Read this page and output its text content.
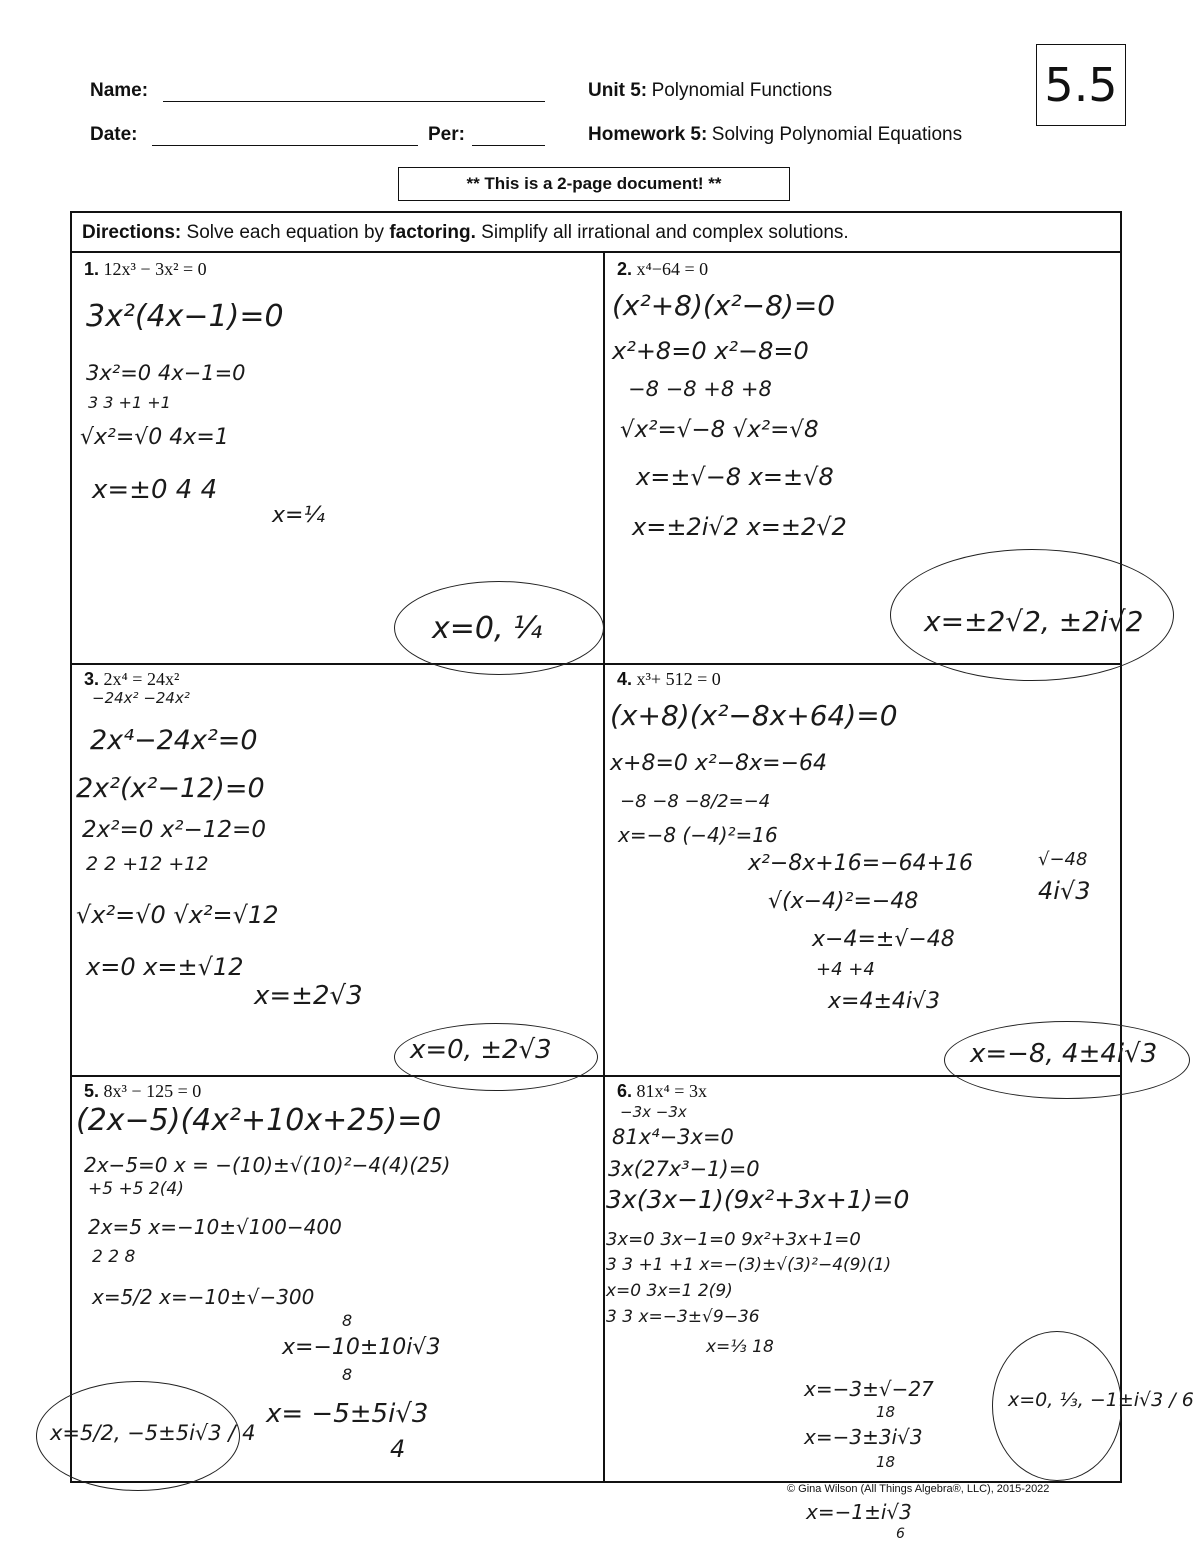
Name:
Date:	Per:
Unit 5: Polynomial Functions
Homework 5: Solving Polynomial Equations
5.5
** This is a 2-page document! **
Directions: Solve each equation by factoring. Simplify all irrational and complex solutions.
1. 12x³ − 3x² = 0
3x²(4x−1)=0
3x²=0 4x−1=0
3 3 +1 +1
√x²=√0 4x=1
x=±0 4 4
x=¼
x=0, ¼
2. x⁴−64 = 0
(x²+8)(x²−8)=0
x²+8=0 x²−8=0
−8 −8 +8 +8
√x²=√−8 √x²=√8
x=±√−8 x=±√8
x=±2i√2 x=±2√2
x=±2√2, ±2i√2
3. 2x⁴ = 24x²
−24x² −24x²
2x⁴−24x²=0
2x²(x²−12)=0
2x²=0 x²−12=0
2 2 +12 +12
√x²=√0 √x²=√12
x=0 x=±√12
x=±2√3
x=0, ±2√3
4. x³+ 512 = 0
(x+8)(x²−8x+64)=0
x+8=0 x²−8x=−64
−8 −8 −8/2=−4
x=−8 (−4)²=16
x²−8x+16=−64+16
√(x−4)²=−48
x−4=±√−48
+4 +4
x=4±4i√3
√−48
4i√3
x=−8, 4±4i√3
5. 8x³ − 125 = 0
(2x−5)(4x²+10x+25)=0
2x−5=0 x = −(10)±√(10)²−4(4)(25)
+5 +5 2(4)
2x=5 x=−10±√100−400
2 2 8
x=5/2 x=−10±√−300
8
x=−10±10i√3
8
x= −5±5i√3
4
x=5/2, −5±5i√3 / 4
6. 81x⁴ = 3x
−3x −3x
81x⁴−3x=0
3x(27x³−1)=0
3x(3x−1)(9x²+3x+1)=0
3x=0 3x−1=0 9x²+3x+1=0
3 3 +1 +1 x=−(3)±√(3)²−4(9)(1)
x=0 3x=1 2(9)
3 3 x=−3±√9−36
x=⅓ 18
x=−3±√−27
18
x=−3±3i√3
18
x=0, ⅓, −1±i√3 / 6
x=−1±i√3
6
© Gina Wilson (All Things Algebra®, LLC), 2015-2022
